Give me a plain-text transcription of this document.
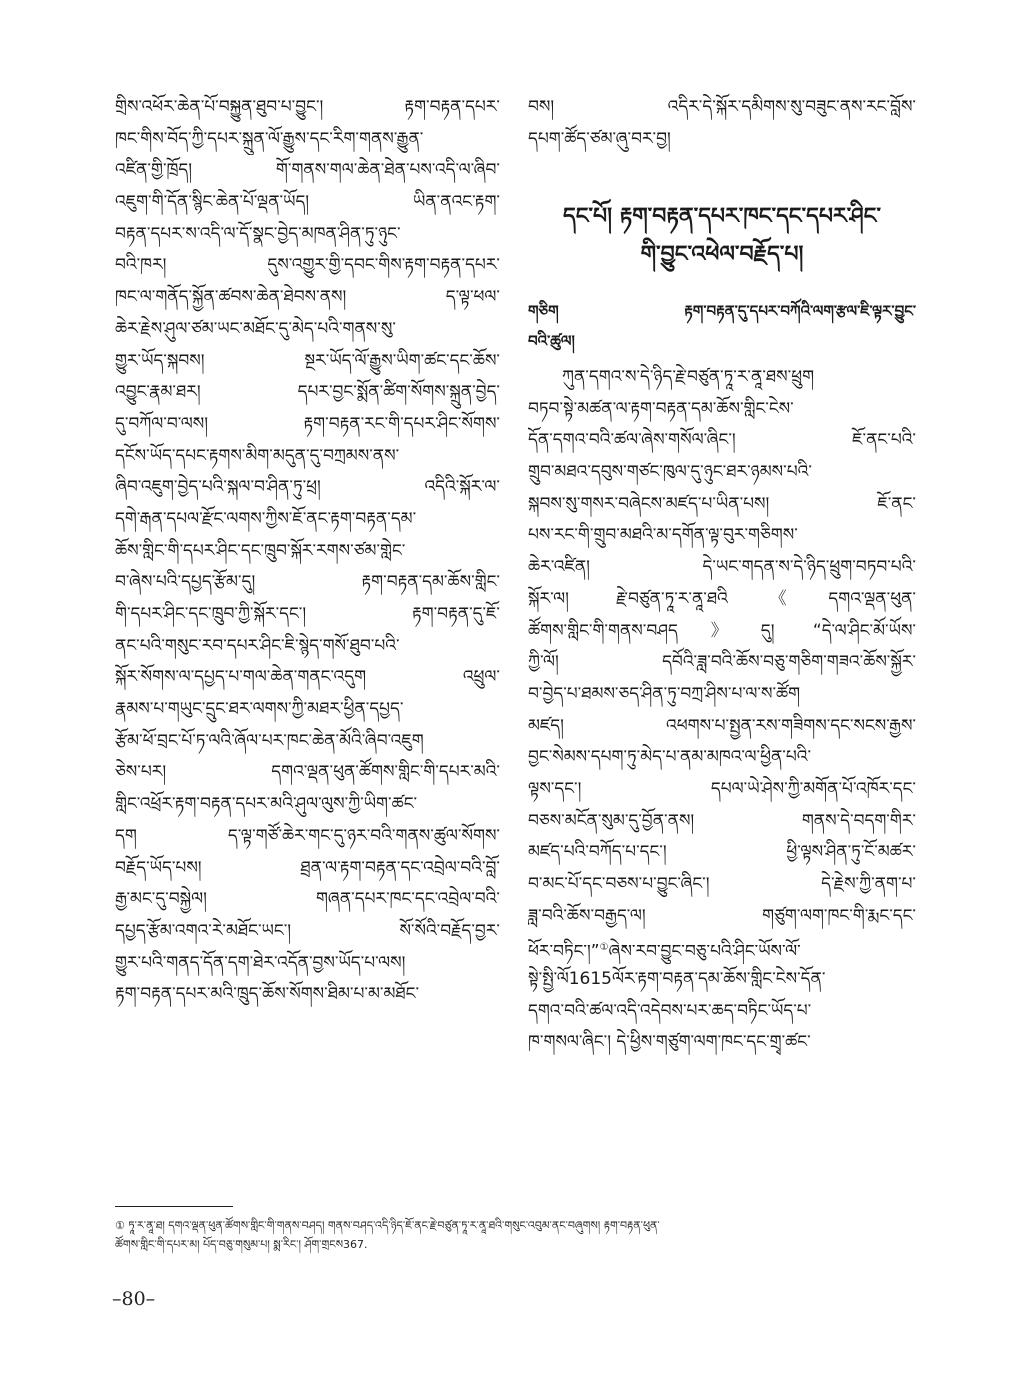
གྲིས་འཕོར་ཆེན་པོ་བསྐྱུན་ཐུབ་པ་བྱུང་། རྟག་བརྟན་དཔར་
ཁང་གིས་བོད་ཀྱི་དཔར་སྐྲུན་ལོ་རྒྱུས་དང་རིག་གནས་རྒྱུན་
འཛིན་གྱི་ཁྲོད། གོ་གནས་གལ་ཆེན་ཐེན་པས་འདི་ལ་ཞིབ་
འཇུག་གི་དོན་སྙིང་ཆེན་པོ་ལྡན་ཡོད། ཡིན་ནའང་རྟག་
བརྟན་དཔར་ས་འདི་ལ་དོ་སྣང་བྱེད་མཁན་ཤིན་ཏུ་ཉུང་
བའི་ཁར། དུས་འགྱུར་གྱི་དབང་གིས་རྟག་བརྟན་དཔར་
ཁང་ལ་གནོད་སྐྱོན་ཚབས་ཆེན་ཐེབས་ནས། ད་ལྟ་ཕལ་
ཆེར་རྗེས་ཤུལ་ཙམ་ཡང་མཐོང་དུ་མེད་པའི་གནས་སུ་
གྱུར་ཡོད་སྐབས། སྔར་ཡོད་ལོ་རྒྱུས་ཡིག་ཚང་དང་ཆོས་
འབྱུང་རྣམ་ཐར། དཔར་བྱང་སྨོན་ཚིག་སོགས་སྐྲུན་བྱེད་
དུ་བཀོལ་བ་ལས། རྟག་བརྟན་རང་གི་དཔར་ཤིང་སོགས་
དངོས་ཡོད་དཔང་རྟགས་མིག་མདུན་དུ་བཀྲམས་ནས་
ཞིབ་འཇུག་བྱེད་པའི་སྐལ་བ་ཤིན་ཏུ་ཕྲ། འདིའི་སྐོར་ལ་
དགེ་རྒན་དཔལ་རྫོང་ལགས་ཀྱིས་ཇོ་ནང་རྟག་བརྟན་དམ་
ཆོས་གླིང་གི་དཔར་ཤིང་དང་ཁྲུབ་སྐོར་རགས་ཙམ་གླེང་
བ་ཞེས་པའི་དཔྱད་རྩོམ་དུ། རྟག་བརྟན་དམ་ཆོས་གླིང་
གི་དཔར་ཤིང་དང་ཁྲུབ་ཀྱི་སྐོར་དང་། རྟག་བརྟན་དུ་ཇོ་
ནང་པའི་གསུང་རབ་དཔར་ཤིང་ཇི་སྙེད་གསོ་ཐུབ་པའི་
སྐོར་སོགས་ལ་དཔྱད་པ་གལ་ཆེན་གནང་འདུག འཕྲུལ་
རྣམས་པ་གཡུང་དྲུང་ཐར་ལགས་ཀྱི་མཐར་ཕྱིན་དཔྱད་
རྩོམ་ཕོ་བྲང་པོ་ཏ་ལའི་ཞོལ་པར་ཁང་ཆེན་མོའི་ཞིབ་འཇུག
ཅེས་པར། དགའ་ལྡན་ཕུན་ཚོགས་གླིང་གི་དཔར་མའི་
གླིང་འཕྲོར་རྟག་བརྟན་དཔར་མའི་ཤུལ་ལུས་ཀྱི་ཡིག་ཚང་
དག ད་ལྟ་གཙོ་ཆེར་གང་དུ་ཉར་བའི་གནས་ཚུལ་སོགས་
བརྗོད་ཡོད་པས། ཐྲན་ལ་རྟག་བརྟན་དང་འབྲེལ་བའི་བློ་
རྒྱ་མང་དུ་བསྐྱེལ། གཞན་དཔར་ཁང་དང་འབྲེལ་བའི་
དཔྱད་རྩོམ་འགའ་རེ་མཐོང་ཡང་། སོ་སོའི་བརྗོད་བྱར་
གྱུར་པའི་གནད་དོན་དག་ཐེར་འདོན་བྱས་ཡོད་པ་ལས།
རྟག་བརྟན་དཔར་མའི་ཁྲུད་ཆོས་སོགས་ཐིམ་པ་མ་མཐོང་
བས། འདིར་དེ་སྐོར་དམིགས་སུ་བཟུང་ནས་རང་བློས་
དཔག་ཚོད་ཙམ་ཞུ་བར་བྱ།
དང་པོ། རྟག་བརྟན་དཔར་ཁང་དང་དཔར་ཤིང་
གི་བྱུང་འཕེལ་བརྗོད་པ།
གཅིག རྟག་བརྟན་དུ་དཔར་བཀོའི་ལག་རྩལ་ཇི་ལྟར་བྱུང་
བའི་ཚུལ།
ཀུན་དགའ་ས་དེ་ཉིད་རྗེ་བཙུན་ཏཱ་ར་ནཱ་ཐས་ཕྲུག
བཏབ་སྟེ་མཚན་ལ་རྟག་བརྟན་དམ་ཆོས་གླིང་ངེས་
དོན་དགའ་བའི་ཚལ་ཞེས་གསོལ་ཞིང་། ཇོ་ནང་པའི་
གྲུབ་མཐའ་དབུས་གཙང་ཁུལ་དུ་ཉུང་ཐར་ཉམས་པའི་
སྐབས་སུ་གསར་བཞེངས་མཛད་པ་ཡིན་པས། ཇོ་ནང་
པས་རང་གི་གྲུབ་མཐའི་མ་དགོན་ལྟ་བུར་གཅིགས་
ཆེར་འཛིན། དེ་ཡང་གདན་ས་དེ་ཉིད་ཕྲུག་བཏབ་པའི་
སྐོར་ལ། རྗེ་བཙུན་ཏཱ་ར་ནཱ་ཐའི《དགའ་ལྡན་ཕུན་
ཚོགས་གླིང་གི་གནས་བཤད》དུ། “དེ་ལ་ཤིང་མོ་ཡོས་
ཀྱི་ལོ། དབོའི་ཟླ་བའི་ཆོས་བཅུ་གཅིག་གཟའ་ཆོས་སྐྱོར་
བ་བྱེད་པ་ཐམས་ཅད་ཤིན་ཏུ་བཀྲ་ཤིས་པ་ལ་ས་ཚོག
མཛད། འཕགས་པ་སྤྱན་རས་གཟིགས་དང་སངས་རྒྱས་
བྱང་སེམས་དཔག་ཏུ་མེད་པ་ནམ་མཁའ་ལ་ཕྱིན་པའི་
ལྟས་དང་། དཔལ་ཡེ་ཤེས་ཀྱི་མགོན་པོ་འཁོར་དང་
བཅས་མངོན་སུམ་དུ་བྱོན་ནས། གནས་དེ་བདག་གིར་
མཛད་པའི་བཀོད་པ་དང་། ཕྱི་ལྟས་ཤིན་ཏུ་ངོ་མཚར་
བ་མང་པོ་དང་བཅས་པ་བྱུང་ཞིང་། དེ་རྗེས་ཀྱི་ནག་པ་
ཟླ་བའི་ཆོས་བརྒྱད་ལ། གཙུག་ལག་ཁང་གི་རྨང་དང་
ཕོར་བཏིང་།”①ཞེས་རབ་བྱུང་བཅུ་པའི་ཤིང་ཡོས་ལོ་
སྟེ་སྤྱི་ལོ1615ལོར་རྟག་བརྟན་དམ་ཆོས་གླིང་ངེས་དོན་
དགའ་བའི་ཚལ་འདི་འདེབས་པར་ཆད་བཏིང་ཡོད་པ་
ཁ་གསལ་ཞིང་། དེ་ཕྱིས་གཙུག་ལག་ཁང་དང་གྲྭ་ཚང་
① ཏཱ་ར་ནཱ་ཐ། དགའ་ལྡན་ཕུན་ཚོགས་གླིང་གི་གནས་བཤད། གནས་བཤད་འདི་ཉིད་ཇོ་ནང་རྗེ་བཙུན་ཏཱ་ར་ནཱ་ཐའི་གསུང་འབུམ་ནང་བཞུགས། རྟག་བརྟན་ཕུན་
ཚོགས་གླིང་གི་དཔར་མ། པོད་བཅུ་གསུམ་པ། སྨ་རིང་། ཤོག་གྲངས367.
–80–
